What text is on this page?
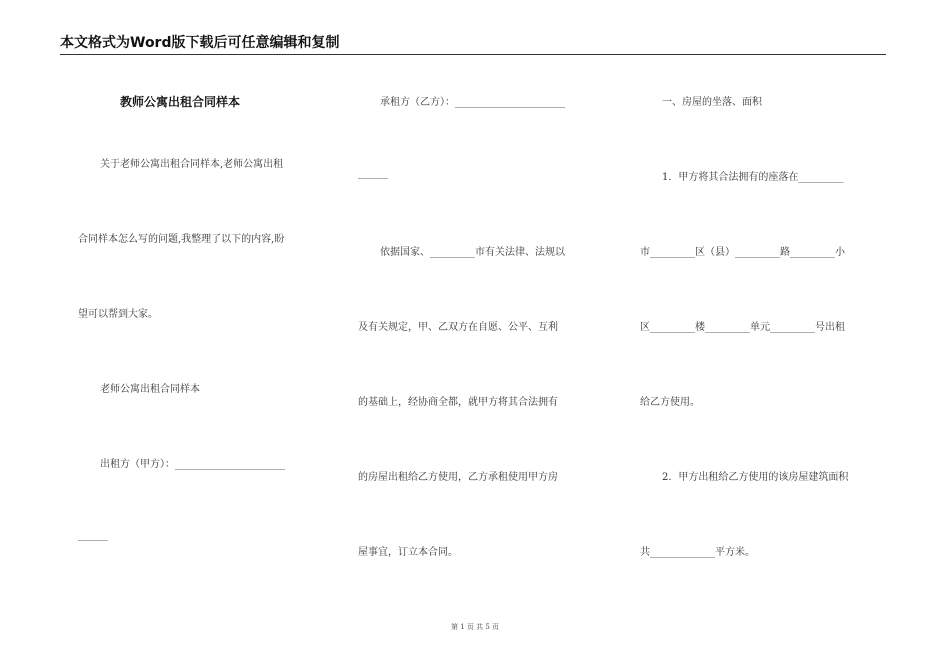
本文格式为Word版下载后可任意编辑和复制
教师公寓出租合同样本
关于老师公寓出租合同样本,老师公寓出租
合同样本怎么写的问题,我整理了以下的内容,盼
望可以帮到大家。
老师公寓出租合同样本
出租方（甲方）：______________________
______
承租方（乙方）：______________________
______
依据国家、_________市有关法律、法规以
及有关规定，甲、乙双方在自愿、公平、互利
的基础上，经协商全都，就甲方将其合法拥有
的房屋出租给乙方使用，乙方承租使用甲方房
屋事宜，订立本合同。
一、房屋的坐落、面积
1．甲方将其合法拥有的座落在_________
市_________区（县）_________路_________小
区_________楼_________单元_________号出租
给乙方使用。
2．甲方出租给乙方使用的该房屋建筑面积
共_____________平方米。
第 1 页 共 5 页
